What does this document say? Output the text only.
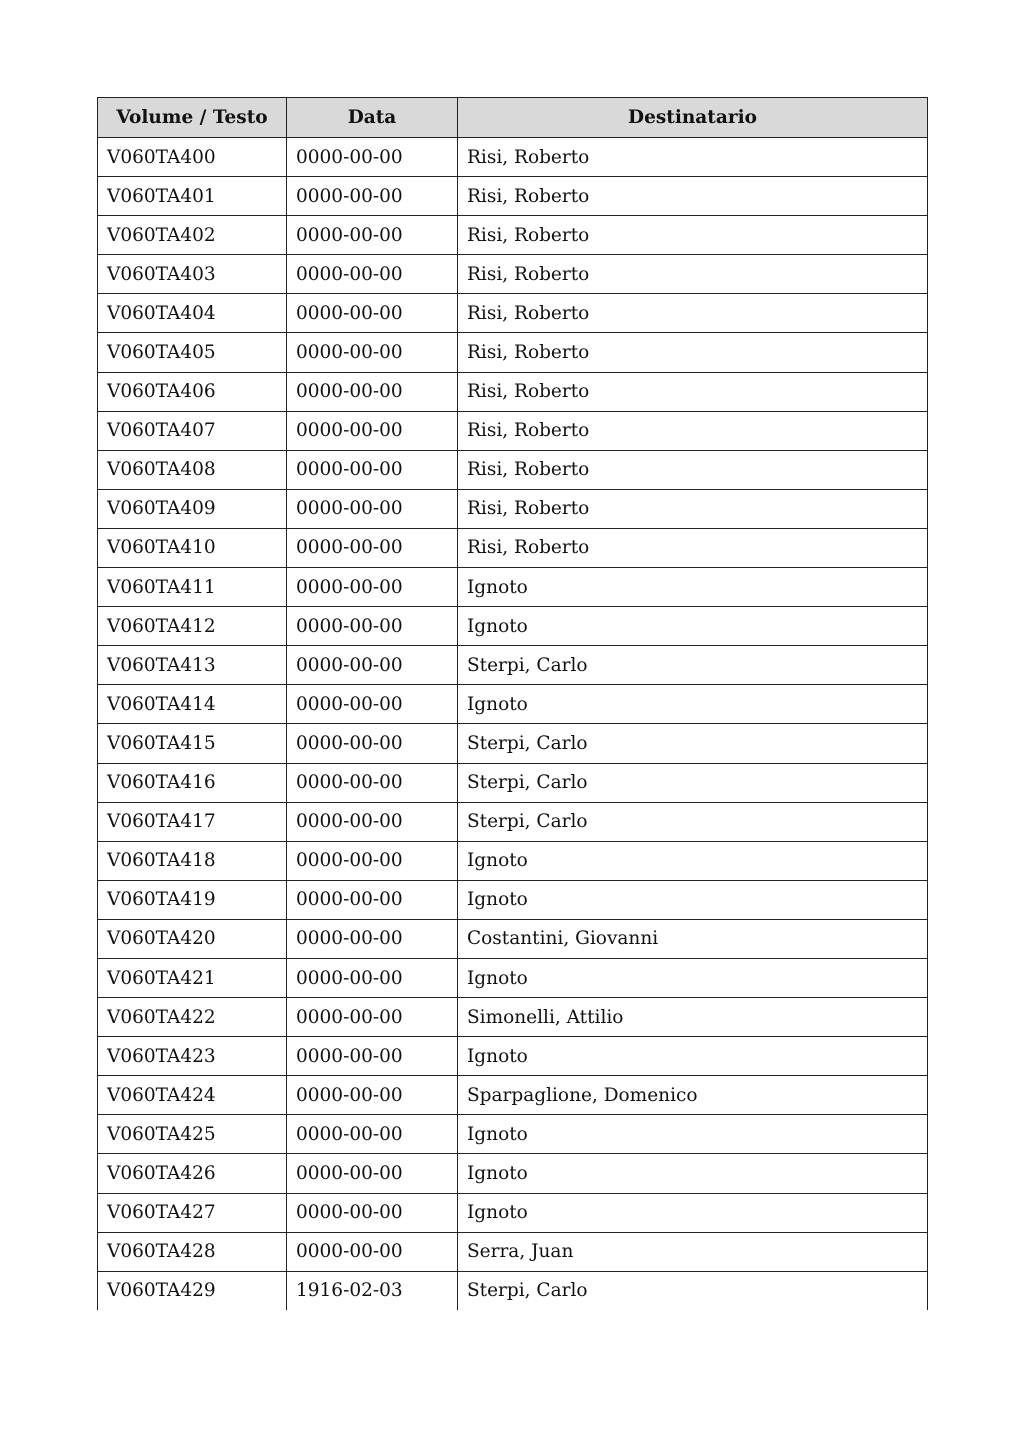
Volume / Testo	Data	Destinatario
V060TA400	0000-00-00	Risi, Roberto
V060TA401	0000-00-00	Risi, Roberto
V060TA402	0000-00-00	Risi, Roberto
V060TA403	0000-00-00	Risi, Roberto
V060TA404	0000-00-00	Risi, Roberto
V060TA405	0000-00-00	Risi, Roberto
V060TA406	0000-00-00	Risi, Roberto
V060TA407	0000-00-00	Risi, Roberto
V060TA408	0000-00-00	Risi, Roberto
V060TA409	0000-00-00	Risi, Roberto
V060TA410	0000-00-00	Risi, Roberto
V060TA411	0000-00-00	Ignoto
V060TA412	0000-00-00	Ignoto
V060TA413	0000-00-00	Sterpi, Carlo
V060TA414	0000-00-00	Ignoto
V060TA415	0000-00-00	Sterpi, Carlo
V060TA416	0000-00-00	Sterpi, Carlo
V060TA417	0000-00-00	Sterpi, Carlo
V060TA418	0000-00-00	Ignoto
V060TA419	0000-00-00	Ignoto
V060TA420	0000-00-00	Costantini, Giovanni
V060TA421	0000-00-00	Ignoto
V060TA422	0000-00-00	Simonelli, Attilio
V060TA423	0000-00-00	Ignoto
V060TA424	0000-00-00	Sparpaglione, Domenico
V060TA425	0000-00-00	Ignoto
V060TA426	0000-00-00	Ignoto
V060TA427	0000-00-00	Ignoto
V060TA428	0000-00-00	Serra, Juan
V060TA429	1916-02-03	Sterpi, Carlo
